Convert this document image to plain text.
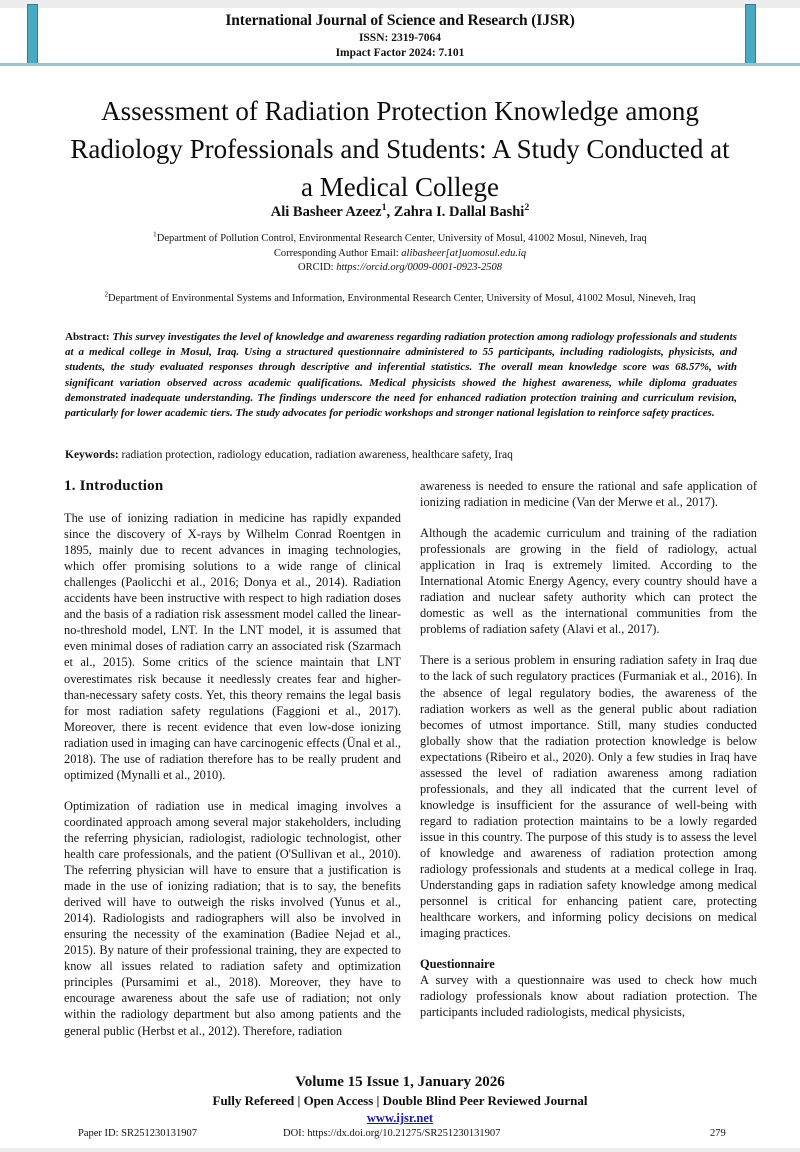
International Journal of Science and Research (IJSR)
ISSN: 2319-7064
Impact Factor 2024: 7.101
Assessment of Radiation Protection Knowledge among Radiology Professionals and Students: A Study Conducted at a Medical College
Ali Basheer Azeez$^1$, Zahra I. Dallal Bashi$^2$
$^1$Department of Pollution Control, Environmental Research Center, University of Mosul, 41002 Mosul, Nineveh, Iraq
Corresponding Author Email: alibasheer[at]uomosul.edu.iq
ORCID: https://orcid.org/0009-0001-0923-2508
$^2$Department of Environmental Systems and Information, Environmental Research Center, University of Mosul, 41002 Mosul, Nineveh, Iraq
Abstract: This survey investigates the level of knowledge and awareness regarding radiation protection among radiology professionals and students at a medical college in Mosul, Iraq. Using a structured questionnaire administered to 55 participants, including radiologists, physicists, and students, the study evaluated responses through descriptive and inferential statistics. The overall mean knowledge score was 68.57%, with significant variation observed across academic qualifications. Medical physicists showed the highest awareness, while diploma graduates demonstrated inadequate understanding. The findings underscore the need for enhanced radiation protection training and curriculum revision, particularly for lower academic tiers. The study advocates for periodic workshops and stronger national legislation to reinforce safety practices.
Keywords: radiation protection, radiology education, radiation awareness, healthcare safety, Iraq
1. Introduction

The use of ionizing radiation in medicine has rapidly expanded since the discovery of X-rays by Wilhelm Conrad Roentgen in 1895, mainly due to recent advances in imaging technologies, which offer promising solutions to a wide range of clinical challenges (Paolicchi et al., 2016; Donya et al., 2014). Radiation accidents have been instructive with respect to high radiation doses and the basis of a radiation risk assessment model called the linear-no-threshold model, LNT. In the LNT model, it is assumed that even minimal doses of radiation carry an associated risk (Szarmach et al., 2015). Some critics of the science maintain that LNT overestimates risk because it needlessly creates fear and higher-than-necessary safety costs. Yet, this theory remains the legal basis for most radiation safety regulations (Faggioni et al., 2017). Moreover, there is recent evidence that even low-dose ionizing radiation used in imaging can have carcinogenic effects (Ünal et al., 2018). The use of radiation therefore has to be really prudent and optimized (Mynalli et al., 2010).

Optimization of radiation use in medical imaging involves a coordinated approach among several major stakeholders, including the referring physician, radiologist, radiologic technologist, other health care professionals, and the patient (O'Sullivan et al., 2010). The referring physician will have to ensure that a justification is made in the use of ionizing radiation; that is to say, the benefits derived will have to outweigh the risks involved (Yunus et al., 2014). Radiologists and radiographers will also be involved in ensuring the necessity of the examination (Badiee Nejad et al., 2015). By nature of their professional training, they are expected to know all issues related to radiation safety and optimization principles (Pursamimi et al., 2018). Moreover, they have to encourage awareness about the safe use of radiation; not only within the radiology department but also among patients and the general public (Herbst et al., 2012). Therefore, radiation

awareness is needed to ensure the rational and safe application of ionizing radiation in medicine (Van der Merwe et al., 2017).

Although the academic curriculum and training of the radiation professionals are growing in the field of radiology, actual application in Iraq is extremely limited. According to the International Atomic Energy Agency, every country should have a radiation and nuclear safety authority which can protect the domestic as well as the international communities from the problems of radiation safety (Alavi et al., 2017).

There is a serious problem in ensuring radiation safety in Iraq due to the lack of such regulatory practices (Furmaniak et al., 2016). In the absence of legal regulatory bodies, the awareness of the radiation workers as well as the general public about radiation becomes of utmost importance. Still, many studies conducted globally show that the radiation protection knowledge is below expectations (Ribeiro et al., 2020). Only a few studies in Iraq have assessed the level of radiation awareness among radiation professionals, and they all indicated that the current level of knowledge is insufficient for the assurance of well-being with regard to radiation protection maintains to be a lowly regarded issue in this country. The purpose of this study is to assess the level of knowledge and awareness of radiation protection among radiology professionals and students at a medical college in Iraq. Understanding gaps in radiation safety knowledge among medical personnel is critical for enhancing patient care, protecting healthcare workers, and informing policy decisions on medical imaging practices.

Questionnaire

A survey with a questionnaire was used to check how much radiology professionals know about radiation protection. The participants included radiologists, medical physicists,

Volume 15 Issue 1, January 2026
Fully Refereed | Open Access | Double Blind Peer Reviewed Journal
www.ijsr.net
Paper ID: SR251230131907	DOI: https://dx.doi.org/10.21275/SR251230131907	279
